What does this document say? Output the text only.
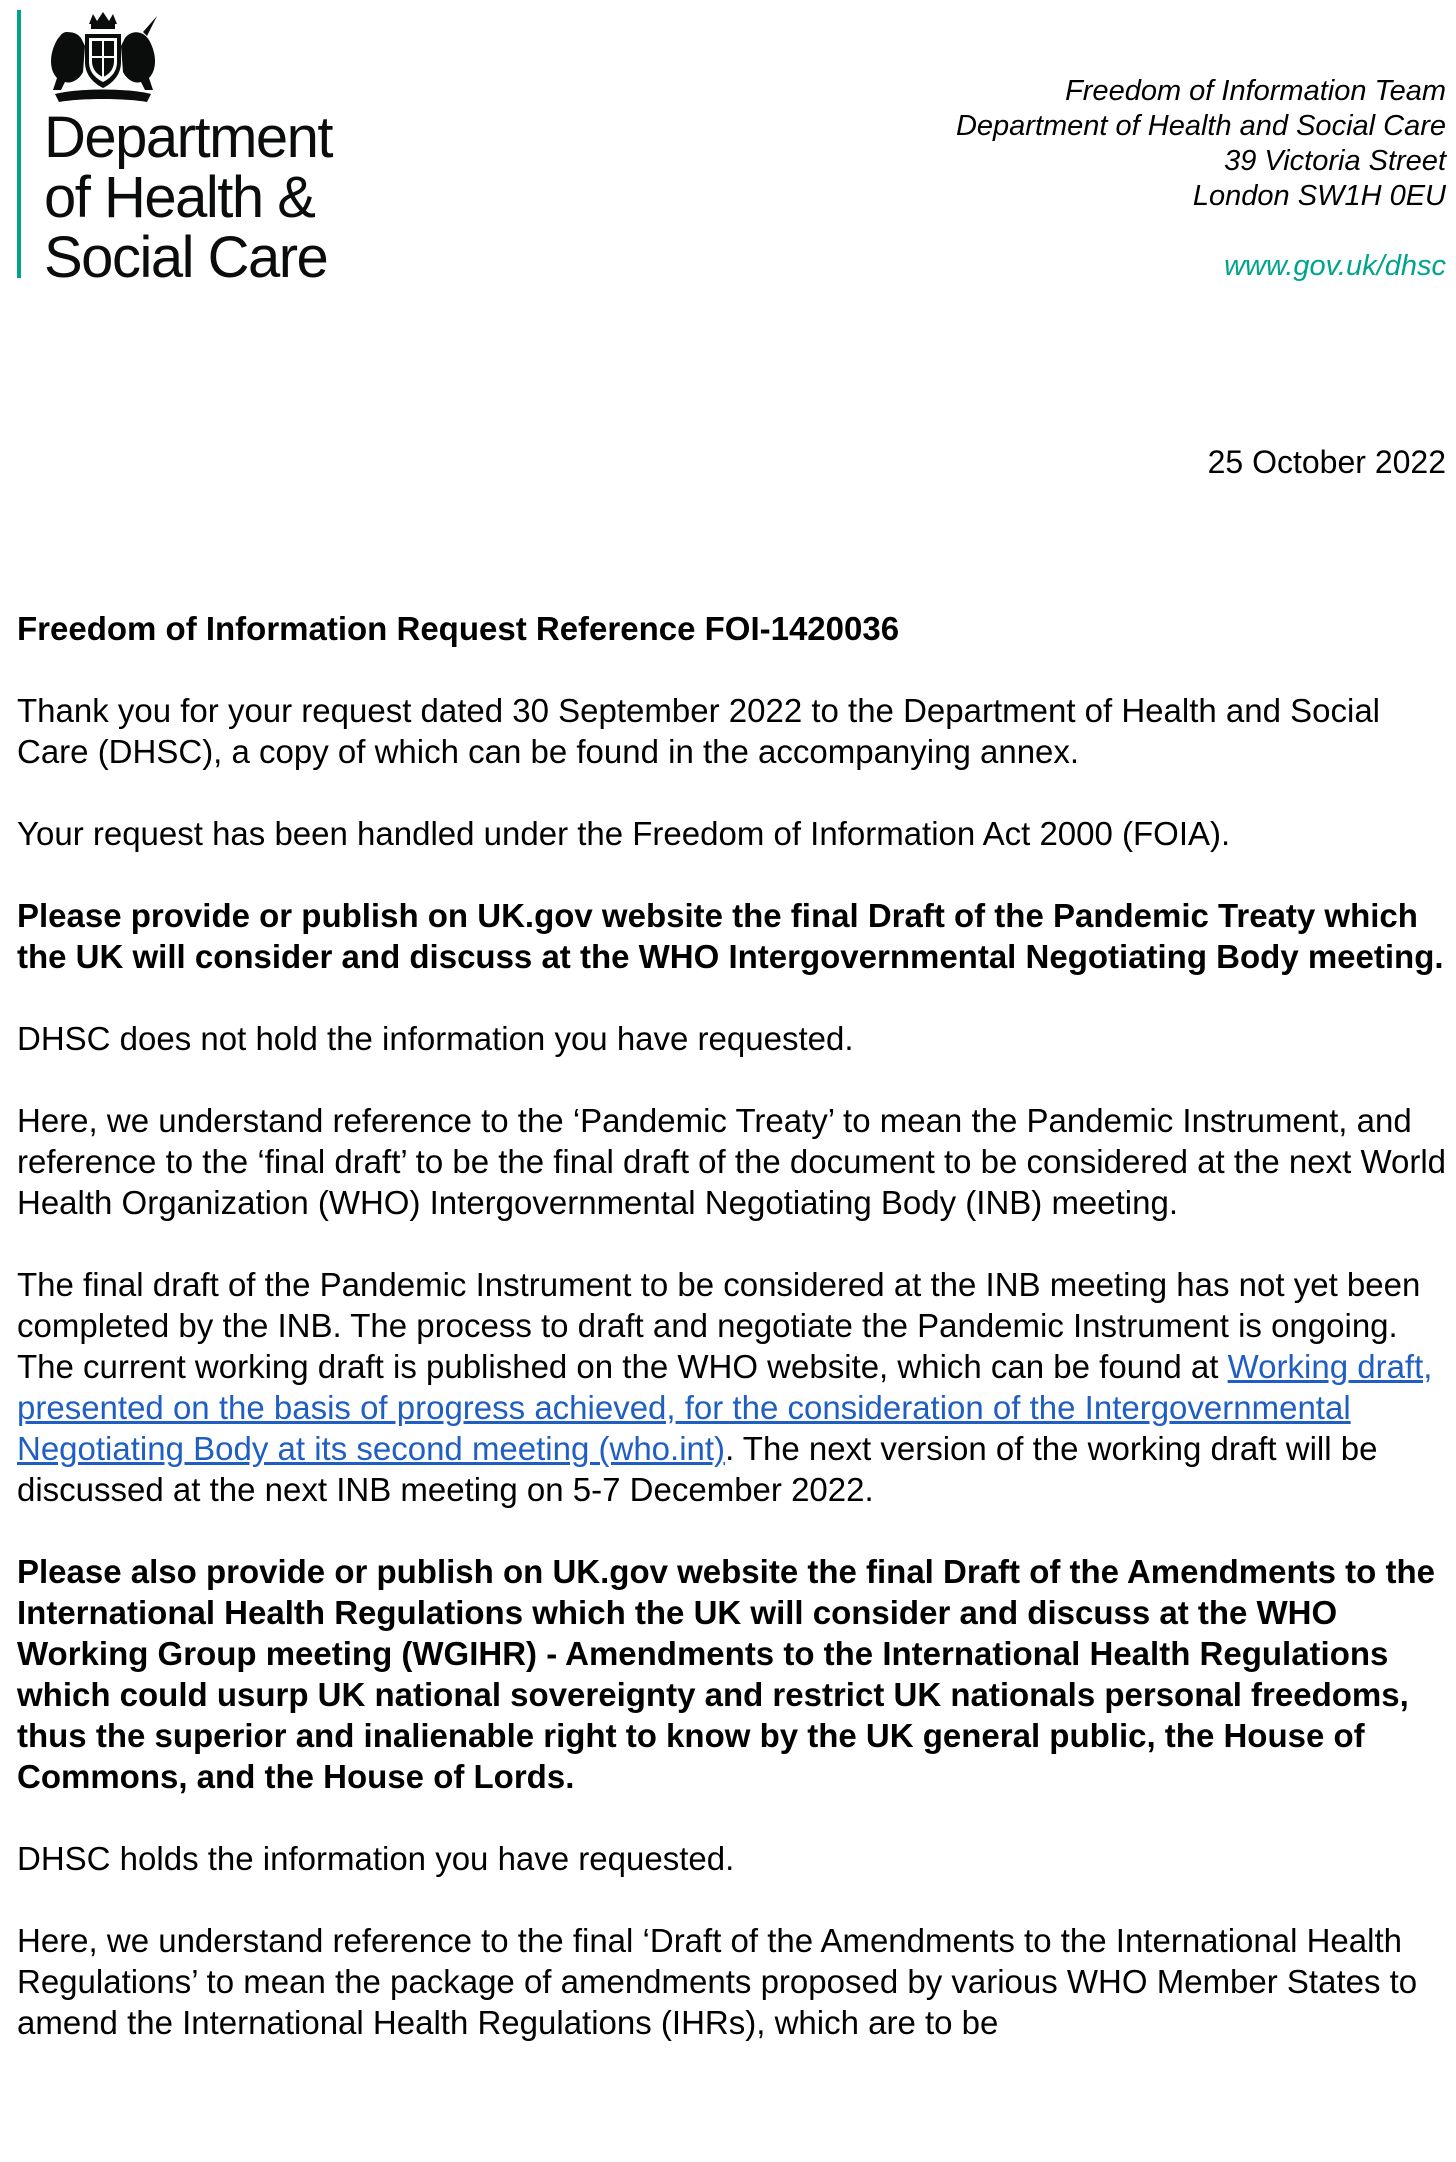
Department
of Health &
Social Care
Freedom of Information Team
Department of Health and Social Care
39 Victoria Street
London SW1H 0EU
www.gov.uk/dhsc
25 October 2022

Freedom of Information Request Reference FOI-1420036

Thank you for your request dated 30 September 2022 to the Department of Health and Social Care (DHSC), a copy of which can be found in the accompanying annex.

Your request has been handled under the Freedom of Information Act 2000 (FOIA).

Please provide or publish on UK.gov website the final Draft of the Pandemic Treaty which the UK will consider and discuss at the WHO Intergovernmental Negotiating Body meeting.

DHSC does not hold the information you have requested.

Here, we understand reference to the ‘Pandemic Treaty’ to mean the Pandemic Instrument, and reference to the ‘final draft’ to be the final draft of the document to be considered at the next World Health Organization (WHO) Intergovernmental Negotiating Body (INB) meeting.

The final draft of the Pandemic Instrument to be considered at the INB meeting has not yet been completed by the INB. The process to draft and negotiate the Pandemic Instrument is ongoing. The current working draft is published on the WHO website, which can be found at Working draft, presented on the basis of progress achieved, for the consideration of the Intergovernmental Negotiating Body at its second meeting (who.int). The next version of the working draft will be discussed at the next INB meeting on 5-7 December 2022.

Please also provide or publish on UK.gov website the final Draft of the Amendments to the International Health Regulations which the UK will consider and discuss at the WHO Working Group meeting (WGIHR) - Amendments to the International Health Regulations which could usurp UK national sovereignty and restrict UK nationals personal freedoms, thus the superior and inalienable right to know by the UK general public, the House of Commons, and the House of Lords.

DHSC holds the information you have requested.

Here, we understand reference to the final ‘Draft of the Amendments to the International Health Regulations’ to mean the package of amendments proposed by various WHO Member States to amend the International Health Regulations (IHRs), which are to be
